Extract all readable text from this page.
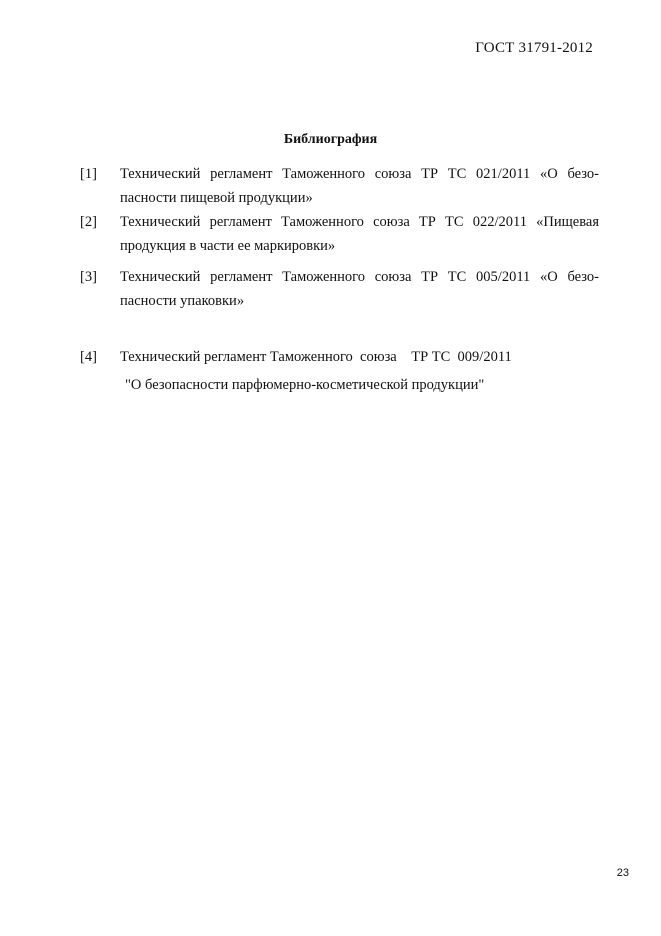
ГОСТ 31791-2012
Библиография
[1] Технический регламент Таможенного союза ТР ТС 021/2011 «О безо-
пасности пищевой продукции»
[2] Технический регламент Таможенного союза ТР ТС 022/2011 «Пищевая
продукция в части ее маркировки»
[3] Технический регламент Таможенного союза ТР ТС 005/2011 «О безо-
пасности упаковки»
[4] Технический регламент Таможенного  союза    ТР ТС  009/2011
"О безопасности парфюмерно-косметической продукции"
23
